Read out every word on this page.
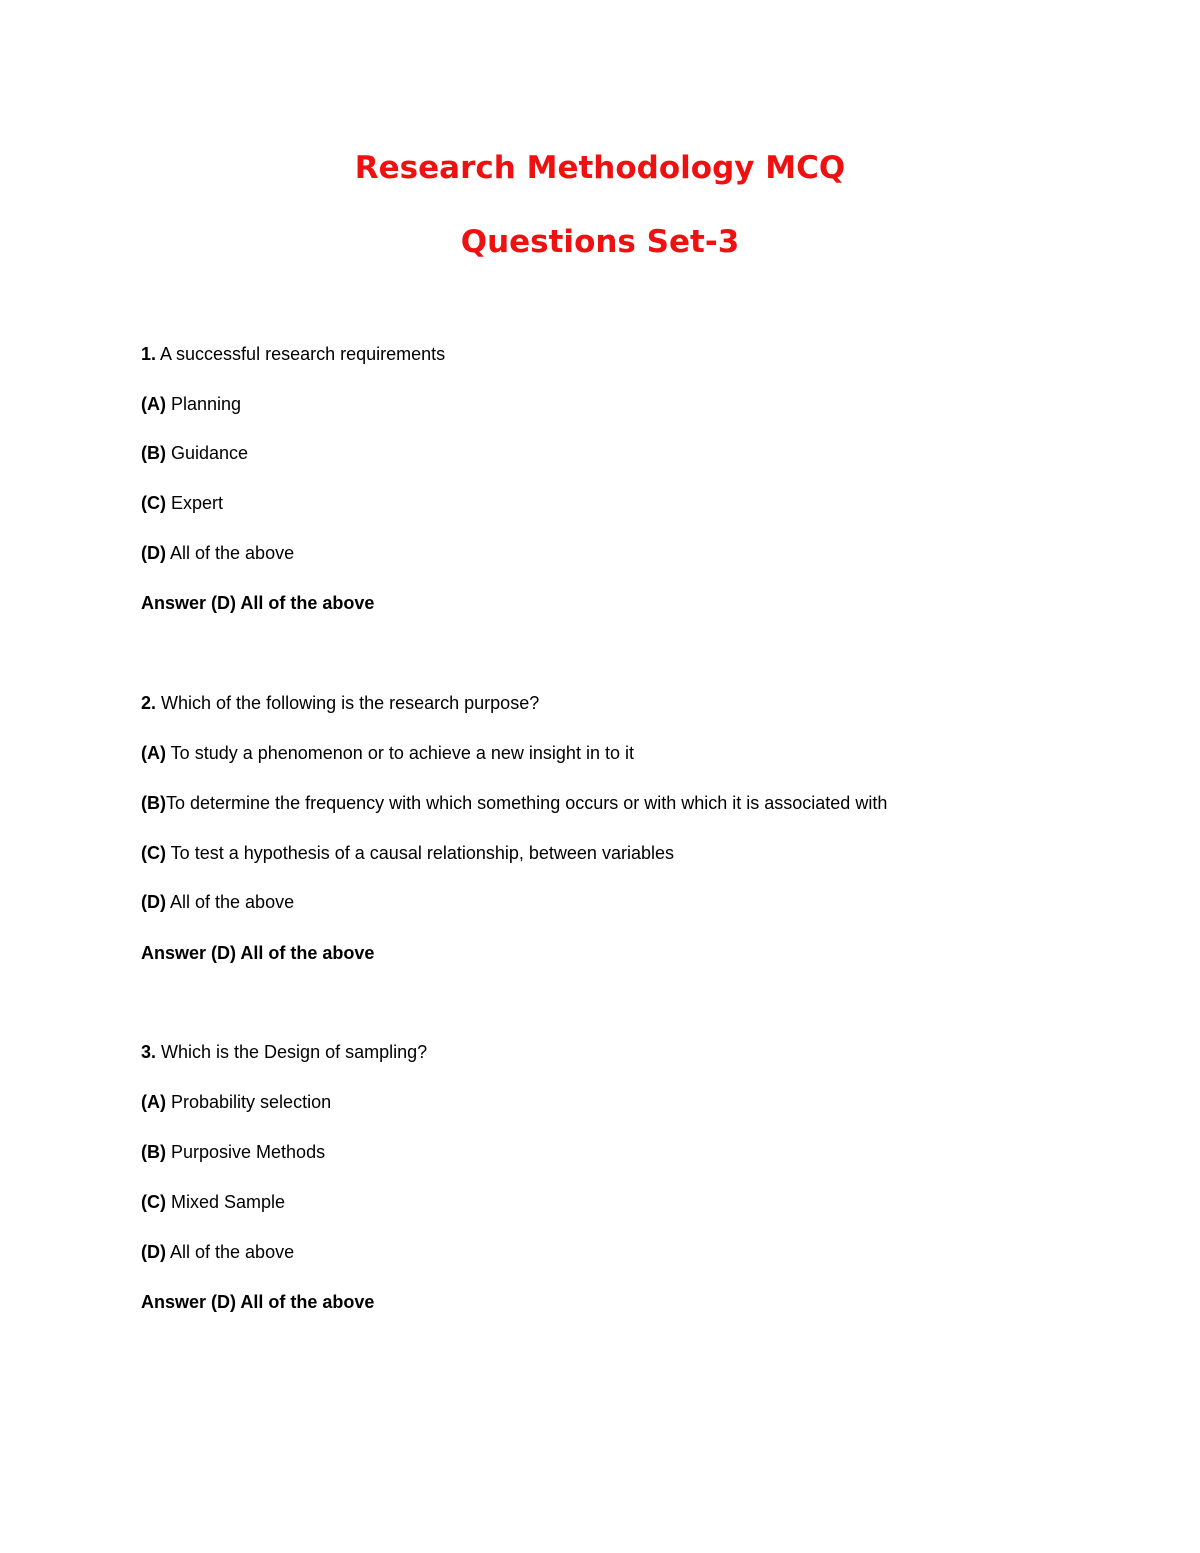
Research Methodology MCQ
Questions Set-3

1. A successful research requirements

(A) Planning

(B) Guidance

(C) Expert

(D) All of the above

Answer (D) All of the above

2. Which of the following is the research purpose?

(A) To study a phenomenon or to achieve a new insight in to it

(B)To determine the frequency with which something occurs or with which it is associated with

(C) To test a hypothesis of a causal relationship, between variables

(D) All of the above

Answer (D) All of the above

3. Which is the Design of sampling?

(A) Probability selection

(B) Purposive Methods

(C) Mixed Sample

(D) All of the above

Answer (D) All of the above
